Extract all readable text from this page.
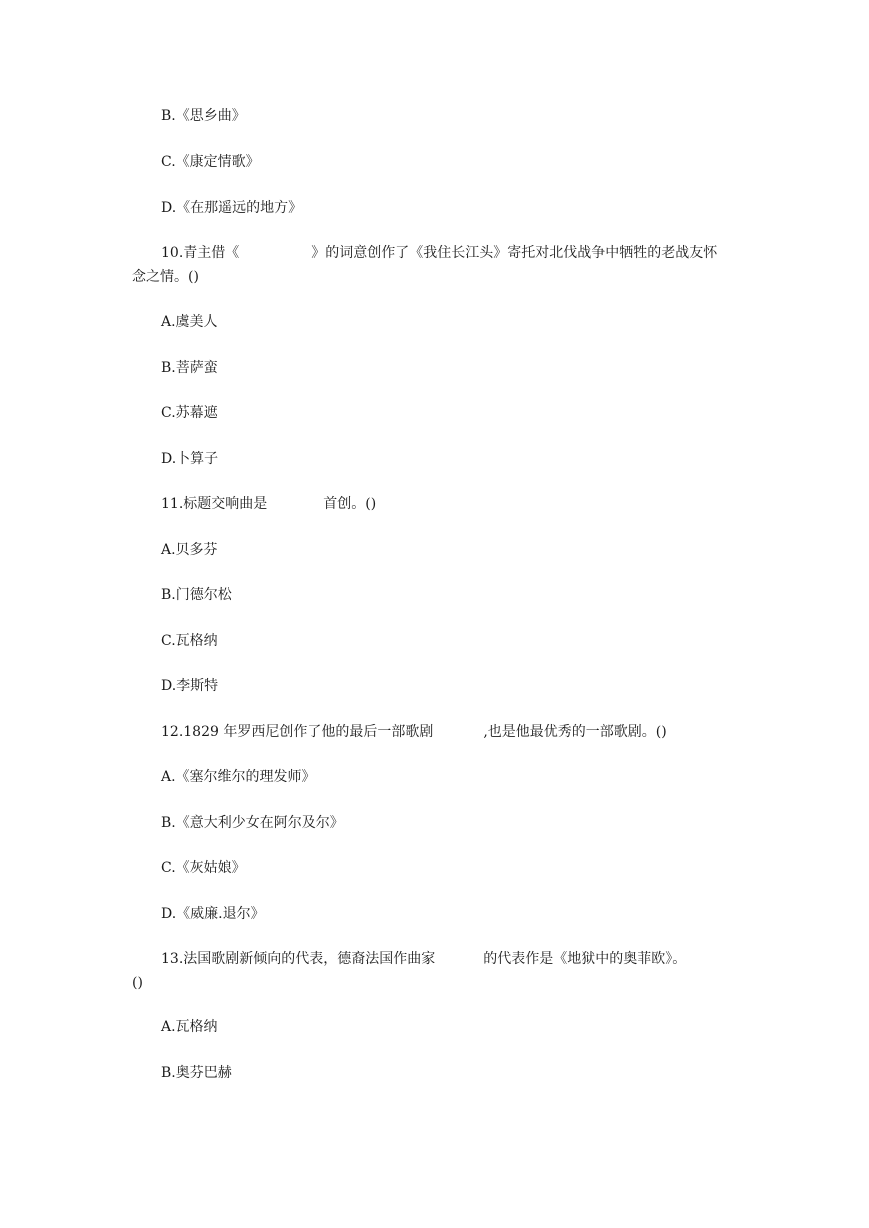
B.《思乡曲》
C.《康定情歌》
D.《在那遥远的地方》
10.青主借《	》的词意创作了《我住长江头》寄托对北伐战争中牺牲的老战友怀
念之情。()
A.虞美人
B.菩萨蛮
C.苏幕遮
D.卜算子
11.标题交响曲是	首创。()
A.贝多芬
B.门德尔松
C.瓦格纳
D.李斯特
12.1829 年罗西尼创作了他的最后一部歌剧	,也是他最优秀的一部歌剧。()
A.《塞尔维尔的理发师》
B.《意大利少女在阿尔及尔》
C.《灰姑娘》
D.《威廉.退尔》
13.法国歌剧新倾向的代表，德裔法国作曲家	的代表作是《地狱中的奥菲欧》。
()
A.瓦格纳
B.奥芬巴赫
